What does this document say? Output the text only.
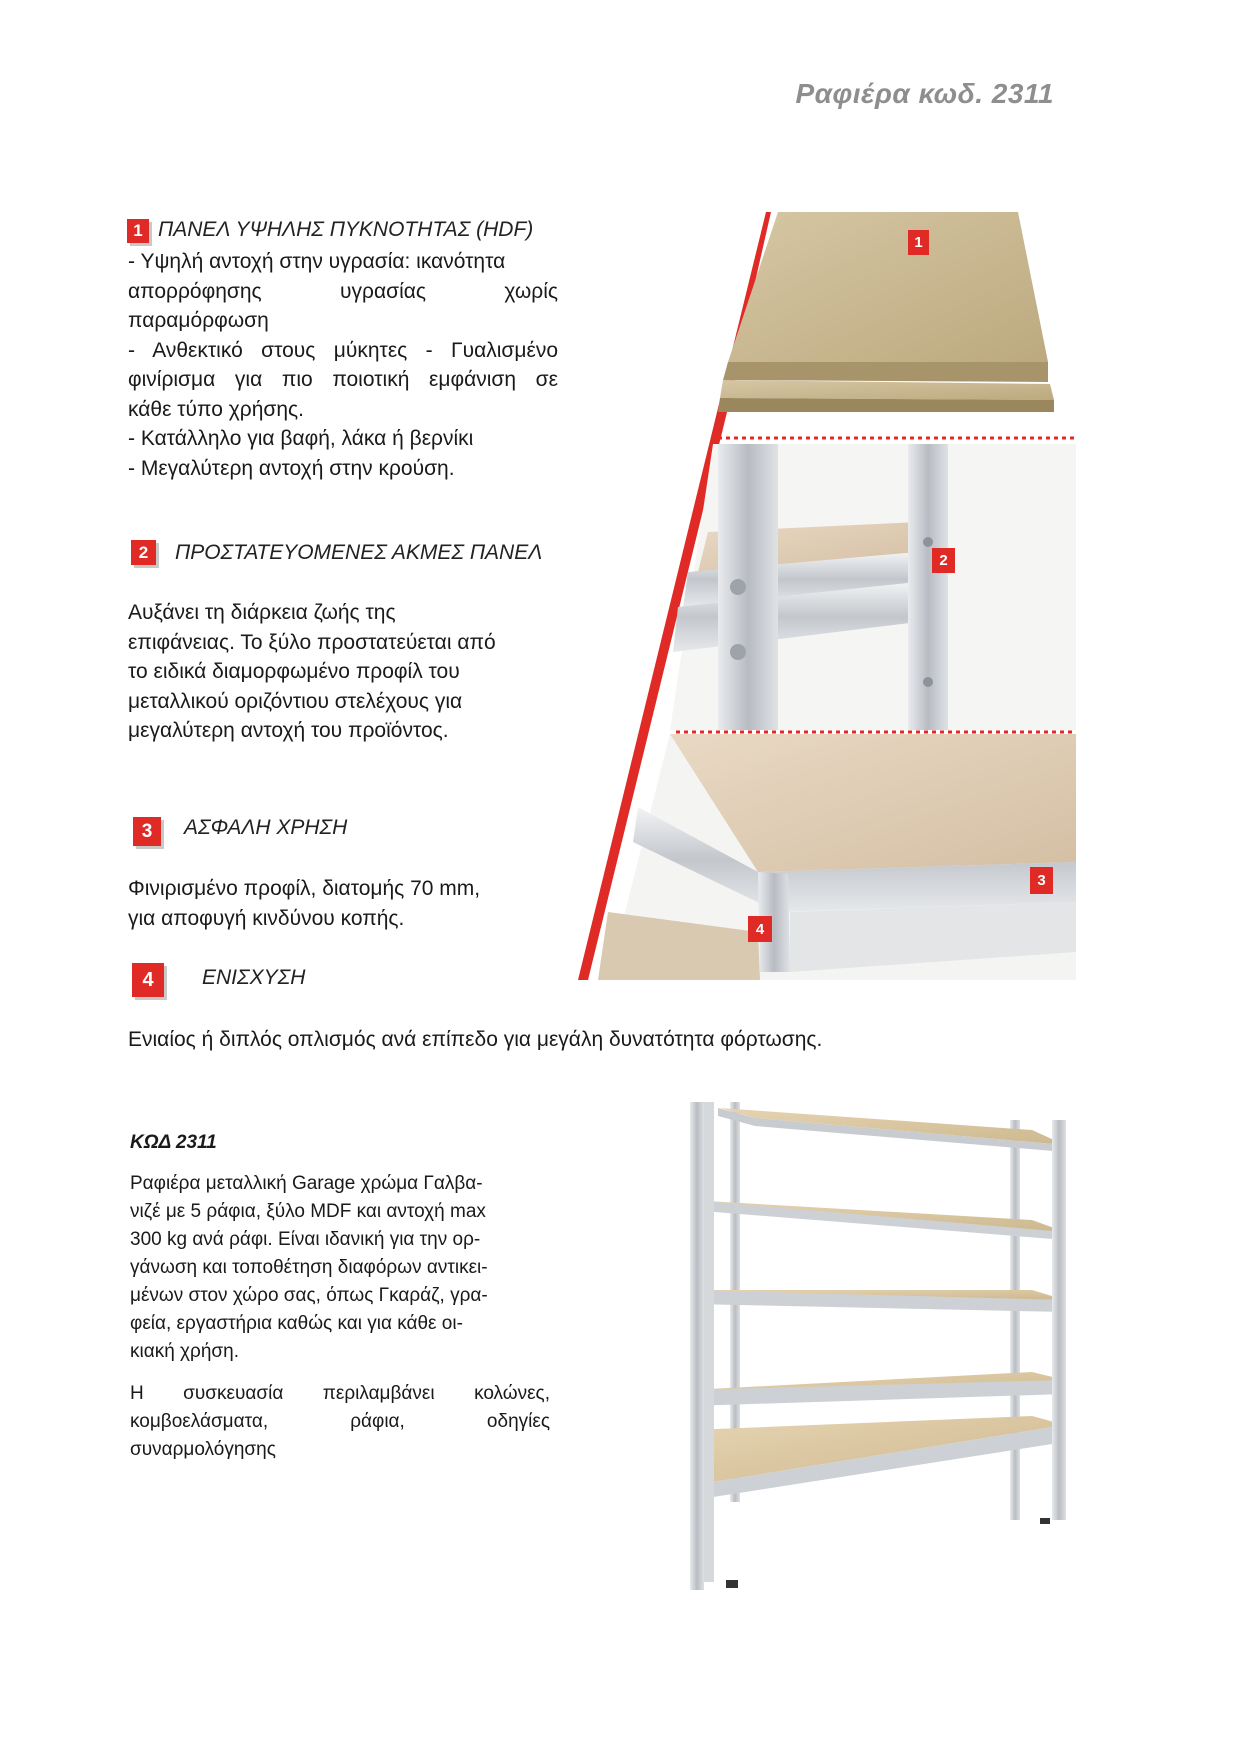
Ραφιέρα κωδ. 2311
1 ΠΑΝΕΛ ΥΨΗΛΗΣ ΠΥΚΝΟΤΗΤΑΣ (HDF)
- Υψηλή αντοχή στην υγρασία: ικανότητα
απορρόφησης υγρασίας χωρίς
παραμόρφωση
- Ανθεκτικό στους μύκητες - Γυαλισμένο
φινίρισμα για πιο ποιοτική εμφάνιση σε
κάθε τύπο χρήσης.
- Κατάλληλο για βαφή, λάκα ή βερνίκι
- Μεγαλύτερη αντοχή στην κρούση.
2 ΠΡΟΣΤΑΤΕΥΟΜΕΝΕΣ ΑΚΜΕΣ ΠΑΝΕΛ
Αυξάνει τη διάρκεια ζωής της
επιφάνειας. Το ξύλο προστατεύεται από
το ειδικά διαμορφωμένο προφίλ του
μεταλλικού οριζόντιου στελέχους για
μεγαλύτερη αντοχή του προϊόντος.
3 ΑΣΦΑΛΗ ΧΡΗΣΗ
Φινιρισμένο προφίλ, διατομής 70 mm,
για αποφυγή κινδύνου κοπής.
4 ΕΝΙΣΧΥΣΗ
Ενιαίος ή διπλός οπλισμός ανά επίπεδο για μεγάλη δυνατότητα φόρτωσης.
1
2
3
4
ΚΩΔ 2311
Ραφιέρα μεταλλική Garage χρώμα Γαλβα-
νιζέ με 5 ράφια, ξύλο MDF και αντοχή max
300 kg ανά ράφι. Είναι ιδανική για την ορ-
γάνωση και τοποθέτηση διαφόρων αντικει-
μένων στον χώρο σας, όπως Γκαράζ, γρα-
φεία, εργαστήρια καθώς και για κάθε οι-
κιακή χρήση.
Η συσκευασία περιλαμβάνει κολώνες,
κομβοελάσματα, ράφια, οδηγίες
συναρμολόγησης
